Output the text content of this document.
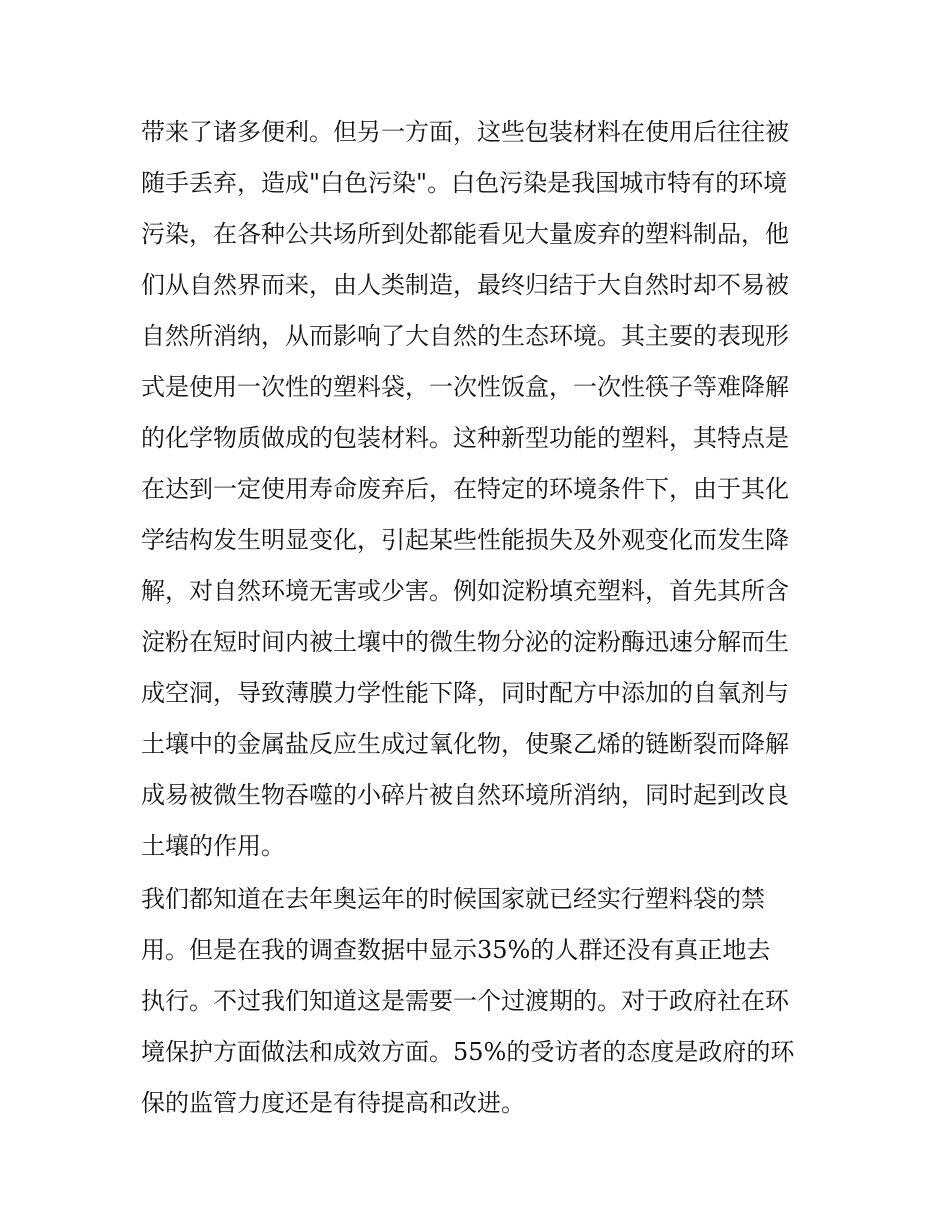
带来了诸多便利。但另一方面，这些包装材料在使用后往往被
随手丢弃，造成"白色污染"。白色污染是我国城市特有的环境
污染，在各种公共场所到处都能看见大量废弃的塑料制品，他
们从自然界而来，由人类制造，最终归结于大自然时却不易被
自然所消纳，从而影响了大自然的生态环境。其主要的表现形
式是使用一次性的塑料袋，一次性饭盒，一次性筷子等难降解
的化学物质做成的包装材料。这种新型功能的塑料，其特点是
在达到一定使用寿命废弃后，在特定的环境条件下，由于其化
学结构发生明显变化，引起某些性能损失及外观变化而发生降
解，对自然环境无害或少害。例如淀粉填充塑料，首先其所含
淀粉在短时间内被土壤中的微生物分泌的淀粉酶迅速分解而生
成空洞，导致薄膜力学性能下降，同时配方中添加的自氧剂与
土壤中的金属盐反应生成过氧化物，使聚乙烯的链断裂而降解
成易被微生物吞噬的小碎片被自然环境所消纳，同时起到改良
土壤的作用。
我们都知道在去年奥运年的时候国家就已经实行塑料袋的禁
用。但是在我的调查数据中显示35%的人群还没有真正地去
执行。不过我们知道这是需要一个过渡期的。对于政府社在环
境保护方面做法和成效方面。55%的受访者的态度是政府的环
保的监管力度还是有待提高和改进。
